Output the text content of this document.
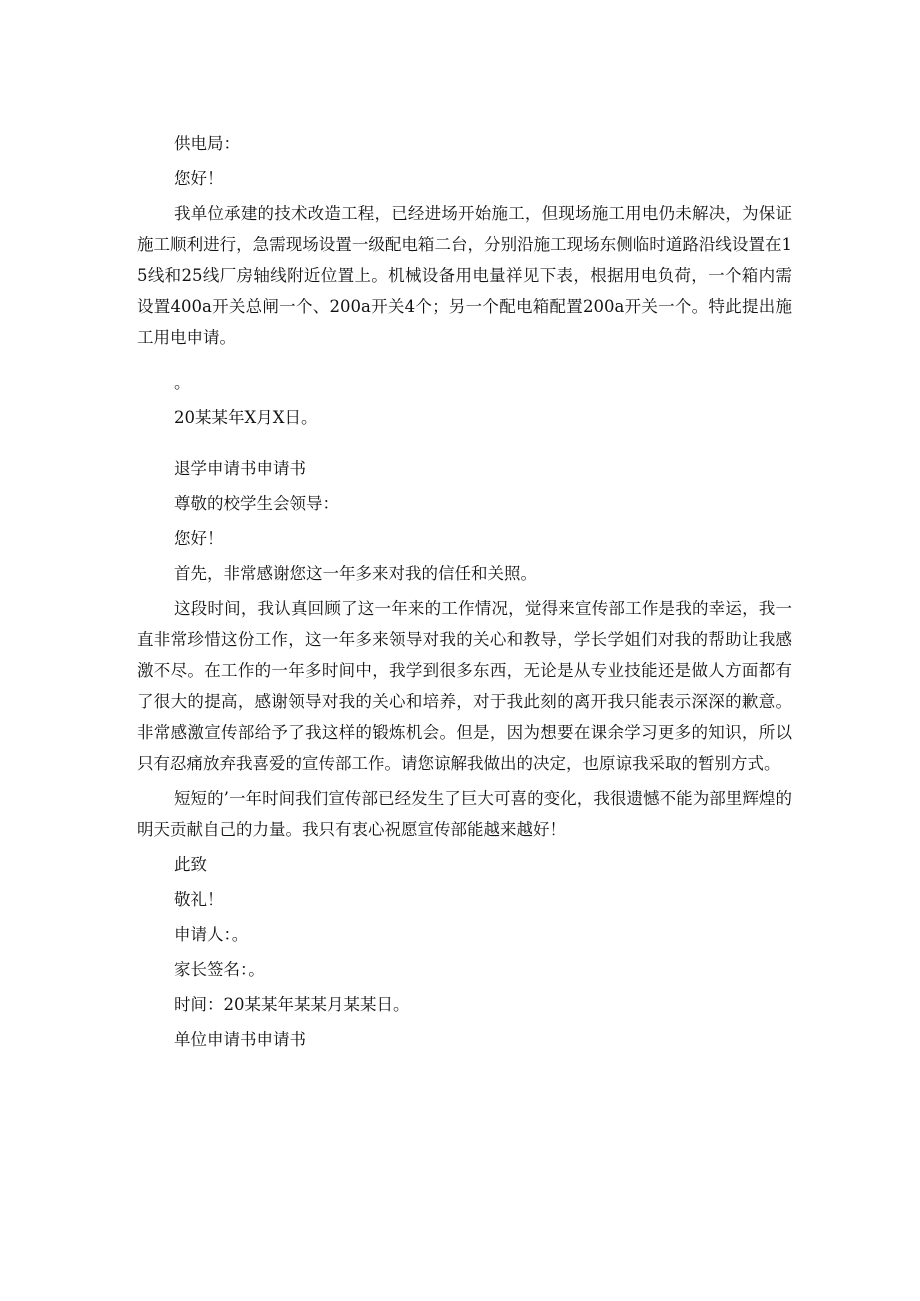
供电局：

您好！

我单位承建的技术改造工程，已经进场开始施工，但现场施工用电仍未解决，为保证施工顺利进行，急需现场设置一级配电箱二台，分别沿施工现场东侧临时道路沿线设置在15线和25线厂房轴线附近位置上。机械设备用电量祥见下表，根据用电负荷，一个箱内需设置400a开关总闸一个、200a开关4个；另一个配电箱配置200a开关一个。特此提出施工用电申请。

。

20某某年X月X日。

退学申请书申请书

尊敬的校学生会领导：

您好！

首先，非常感谢您这一年多来对我的信任和关照。

这段时间，我认真回顾了这一年来的工作情况，觉得来宣传部工作是我的幸运，我一直非常珍惜这份工作，这一年多来领导对我的关心和教导，学长学姐们对我的帮助让我感激不尽。在工作的一年多时间中，我学到很多东西，无论是从专业技能还是做人方面都有了很大的提高，感谢领导对我的关心和培养，对于我此刻的离开我只能表示深深的歉意。非常感激宣传部给予了我这样的锻炼机会。但是，因为想要在课余学习更多的知识，所以只有忍痛放弃我喜爱的宣传部工作。请您谅解我做出的决定，也原谅我采取的暂别方式。

短短的’一年时间我们宣传部已经发生了巨大可喜的变化，我很遗憾不能为部里辉煌的明天贡献自己的力量。我只有衷心祝愿宣传部能越来越好！

此致

敬礼！

申请人：。

家长签名：。

时间：20某某年某某月某某日。

单位申请书申请书
